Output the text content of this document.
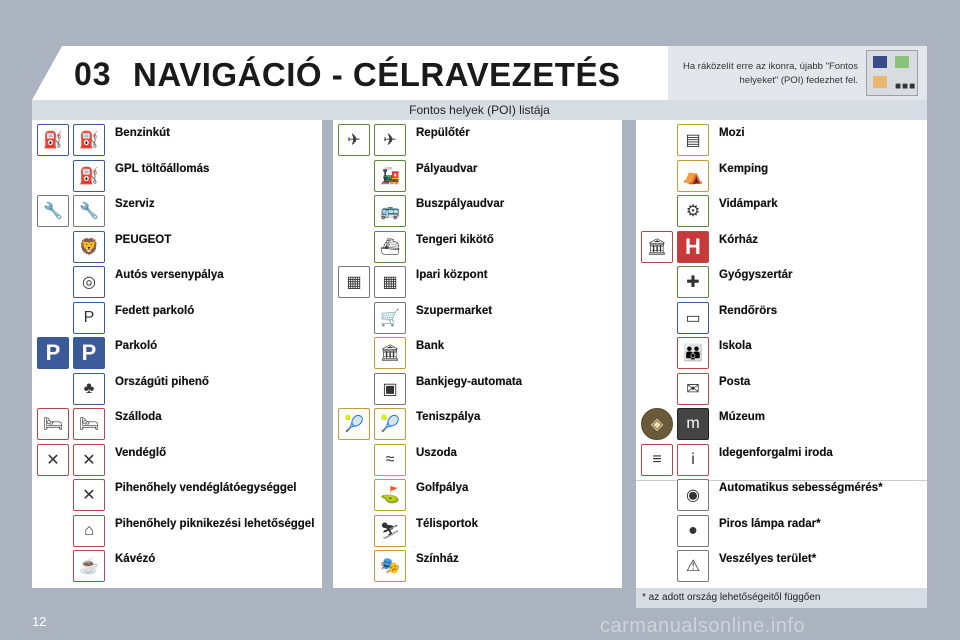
03 NAVIGÁCIÓ - CÉLRAVEZETÉS	Ha ráközelít erre az ikonra, újabb "Fontos helyeket" (POI) fedezhet fel.
■■■
Fontos helyek (POI) listája
* az adott ország lehetőségeitől függően
12	carmanualsonline.info
⛽	⛽	Benzinkút
⛽	GPL töltőállomás
🔧	🔧	Szerviz
🦁	PEUGEOT
◎	Autós versenypálya
P	Fedett parkoló
P P	Parkoló
♣	Országúti pihenő
🛏 🛏	Szálloda
✕	✕	Vendéglő
✕	Pihenőhely vendéglátóegységgel
⌂	Pihenőhely piknikezési lehetőséggel
☕	Kávézó
✈	✈	Repülőtér
🚂	Pályaudvar
🚌	Buszpályaudvar
⛴	Tengeri kikötő
▦	▦	Ipari központ
🛒	Szupermarket
🏛	Bank
▣	Bankjegy-automata
🎾	🎾	Teniszpálya
≈	Uszoda
⛳	Golfpálya
⛷	Télisportok
🎭	Színház
▤	Mozi
⛺	Kemping
⚙	Vidámpark
🏛 H	Kórház
✚	Gyógyszertár
▭	Rendőrörs
👪	Iskola
✉	Posta
◈	m	Múzeum
≡	i	Idegenforgalmi iroda
◉	Automatikus sebességmérés*
●	Piros lámpa radar*
⚠	Veszélyes terület*
